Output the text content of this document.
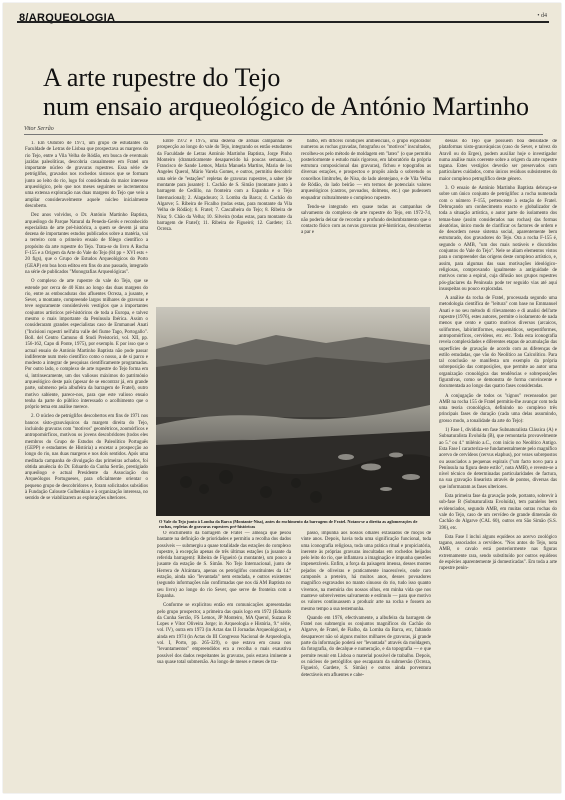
8/ARQUEOLOGIA	• d4
A arte rupestre do Tejo
num ensaio arqueológico de António Martinho
Vitor Serrão

1. Em Outubro de 1971, um grupo de estudantes da Faculdade de Letras de Lisboa que prospectava as margens do rio Tejo, entre a Vila Velha de Ródão, em busca de eventuais jazidas paleolíticas, descobria casualmente em Fratel um importante núcleo de gravuras rupestres. Essa série de petróglifos, gravados nos rochedos xistosos que se formam junto ao leito do rio, logo foi considerada do maior interesse arqueológico, pelo que nos meses seguintes se incrementou uma extensa exploração nas duas margens do Tejo que veio a ampliar consideravelmente aquele núcleo inicialmente descoberto.

Dez anos volvidos, o Dr. António Martinho Baptista, arqueólogo do Parque Natural da Penedo-Gerês e reconhecido especialista de arte pré-histórica, a quem se devem já uma dezena de importantes estudos publicados sobre a matéria, vai a terreiro com o primeiro ensaio de fôlego científico a propósito da arte rupestre do Tejo. Trata-se do livro A Rocha F-155 e a Origem da Arte do Vale do Tejo (84 pp + XVI ests + 20 figs), que o Grupo de Estudos Arqueológicos do Porto (GEAP) em boa hora editou em fins do ano passado, integrado na série de publicados "Monografias Arqueológicas".

O complexo de arte rupestre do vale do Tejo, que se estende por cerca de 40 Kms ao longo das duas margens do rio, entre as embocaduras dos afluentes Ocreza, a jusante, e Sever, a montante, compreende largos milhares de gravuras e teve seguramente consideráveis vestígios que a importantes conjuntos artísticos pré-históricos de toda a Europa, e talvez mesmo o mais importante da Península Ibérica. Assim o consideraram grandes especialistas caso de Emmanuel Anati ("Incisioni rupestri nell'alta valle del fiume Tago, Portogallo". Boll. del Centro Camuno di Studi Preistorici, vol. XII, pp. 156-162, Capo di Ponte, 1975), por exemplo. E por isso que o actual ensaio de António Martinho Baptista não pode passar indiferente num meio científico como o nosso, a de si parco e modesto a integrar de pesquisas científicamente programadas. Por outro lado, o complexo de arte rupestre do Tejo forma em si, intrinsecamente, um dos valiosos máximos do património arqueológico deste país (apesar de se encontrar já, em grande parte, submerso pela albufeira da barragem de Fratel), outro motivo sabiente, parece-nos, para que este valioso ensaio tenha da parte do público interessado o acolhimento que o próprio tema em análise merece.

2. O núcleo de petróglifos descobertos em fins de 1971 nos bancos sísto-grauváquicos da margem direita do Tejo, incluindo gravuras com "motivos" geométricos, zoomórficos e antropomórficos, motivou os jovens descobridores (todos eles membros do Grupo de Estudos do Paleolítico Português (GEPP) e estudantes de História) a encetar a prospecção ao longo do rio, nas duas margens e nos dois sentidos. Após uma meditada campanha de divulgação das primeiras achados, foi obtida anuência do Dr. Eduardo da Cunha Serrão, prestigiado arqueólogo e actual Presidente da Associação dos Arqueólogos Portugueses, para oficialmente orientar o pequeno grupo de descobridores e, foram solicitados subsídios à Fundação Calouste Gulbenkian e à organização interessa, no sentido de se viabilizarem as explorações ulteriores.

Entre 1972 e 1975, uma dezena de árduas campanhas de prospecção ao longo do vale do Tejo, integrando os então estudantes da Faculdade de Letras António Martinho Baptista, Jorge Pinho Monteiro (dramaticamente desaparecido há poucas semanas...), Francisco de Sande Lemos, Maria Manuela Martins, Maria de los Angeles Querol, Mário Varela Gomes, e outros, permitiu descobrir uma série de "estações" repletas de gravuras rupestres, a saber (de montante para jusante): 1. Cachão de S. Simão (montante junto à barragem de Cedillo, na fronteira com a Espanha e o Tejo Internacional); 2. Alagadouro; 3. Lomba da Barca; 4. Cachão do Algarve; 5. Ribeira de Ficalho (todas estas, para montante da Vila Velha de Ródão); 6. Fratel; 7. Cascalheira do Tejo; 8. Ribeira de Nisa; 9. Chão da Velha; 10. Silveira (todas estas, para montante da barragem de Fratel); 11. Ribeira de Figueiró; 12. Gardete; 13. Ocreza.

balho, em difíceis condições ambienciais, o grupo explorador numerou as rochas gravadas, fotografou os "motivos" inscultados, recolheu-os pelo método de moldagem em "latex" (o que permitiu posteriormente o estudo mais rigoroso, em laboratório da própria estrutura composicional das gravuras), fichou e topografou as diversas estações, e prospectou e propôs ainda o sobretudo os concelhos limítrofes, de Nisa, do lado alentejano, e de Vila Velha de Ródão, do lado beirão — em termos de potenciais valores arqueológicos (castros, povoados, dolmens, etc.) que pudessem enquadrar culturalmente o complexo rupestre.

Tendo-se integrado em quase todas as campanhas de salvamento do complexo de arte rupestre do Tejo, em 1972-74, não poderia deixar de recordar o profundo deslumbramento que o contacto físico com as novas gravuras pré-históricas, descobertas a par e

dessas do Tejo que possuem boa densidade de plataformas xisto-grauváquicas (caso do Sever, e talvez do Aravil ou do Erges), podem auxiliar hoje o investigador numa análise mais coerente sobre a origem da arte rupestre tagana. Estes vestígios deverão ser preservados com particulares cuidados, como únicos resíduos subsistentes do maior complexo petroglífico deste género.

3. O ensaio de António Martinho Baptista debruça-se sobre um único conjunto de petróglifos: a rocha numerada com o número F-155, pertencente à estação de Fratel. Debruçando um conhecimento exacto e globalizador de toda a situação artística, o autor parte do isolamento dos temas-base (assim considerados nas rochas) das formas aleatórias, único modo de clarificar os factores de ordem e de desordem nesse sistema social, aparentemente bem estruturado, dos gravadores do Tejo. Ora a rocha F-155 é, segundo o AMB, "um dos mais notáveis e discutidos conjuntos do Vale do Tejo". Nele se aliam elementos vistos para o compreender das origens deste complexo artístico, e, assim, para algumas das suas motivações ideológico-religiosas, comprovando igualmente a antiguidade de motivos como a espiral, cuja difusão nos grupos rupestres pós-glaciares da Península pode ter seguido vias até aqui insuspeitas ou pouco exploradas.

A análise da rocha de Fratel, processada segundo uma metodologia científica de "leitura" com base no Emmanuel Anati e no seu método di rilevamento e di analisi dell'arte rupestre (1976), estes autores, permite o isolamento de nada menos que cento e quatro motivos diversos (arcaicos, soliformes, labirintiformes, esquemáticos, serpentiformes, antropomórficos, cervídeos, etc. etc. Toda esta iconografia revela complexidades e diferentes etapas de acumulação das superfícies de gravação de acordo com as diferenças de estilo estudadas, que vão do Neolítico ao Calcolítico. Para tal conclusão se manifesta um exemplo da própria sobreposição das composições, que permite ao autor uma organização cronológica das tendências e sobreposições figurativas, como se demonstra de forma convincente e documentada ao longo das quatro fases consideradas.

A conjugação de todos os "signos" recenseados por AMB na rocha 155 de Fratel permitiu-lhe avançar com toda uma teoria cronológica, definindo no complexo três principais fases de duração (cada uma delas assumindo, grosso modo, a tonalidade da arte do Tejo):

1) Fase I, dividida em fase Subnaturalista Clássica (A) e Subnaturalista Evoluída (B), que remontaria provavelmente ao 5.º ou 4.º milénio a.C., com início no Neolítico Antigo. Esta Fase I caracteriza-se fundamentalmente pelo magnífico acervo de cervídeos (cervus elaphus), por vezes sobrepostos ou associados a pequenas espirais ("um facto novo para a Península na figura deste estilo", nota AMB), e reveste-se a nível técnico de determinadas particularidades de factura, na sua gravação linearista através de pontos, diversas das que informaram as fases ulteriores.

Esta primeira fase da gravação pode, portanto, sobrevir à sub-fase B (Subnaturalista Evoluída), tem paralelos bem evidenciados, segundo AMB, em muitas outras rochas do vale do Tejo, caso de um cervídeo de grande dimensão do Cachão do Algarve (CAL 60), outros em São Simão (S.S. 396), etc.

Esta Fase I inclui alguns equídeos ao acervo zoológico tagano, associados a cervídeos. "Nos antos do Tejo, nota AMB, o cavalo está posteriormente nas figuras extremamente rara, sendo substituído por outros equídeos de espécies aparentemente já domesticadas". Em toda a arte rupestre penin-

O Vale do Tejo junto à Lomba da Barca (Montante-Nisa), antes do enchimento da barragem de Fratel. Notam-se a direita as aglomerações de rochas, repletas de gravuras rupestres pré-históricas

O enchimento da barragem de Fratel — ameaça que pesou bastante na definição de prioridades e permitiu a recolha dos dados possíveis — submergiu a quase totalidade das estações do complexo rupestre, à excepção apenas de três últimas estações (a jusante da referida barragem): Ribeira de Figueiró (a montante), um pouco a jusante da estação de S. Simão. No Tejo Internacional, junto de Herrera de Alcántara, apenas os petróglifos constituintes da 14.ª estação, ainda não "levantada" nem estudada, e outros existentes (segundo informações não confirmadas que nos dá AM Baptista no seu livro) ao longo do rio Sever, que serve de fronteira com a Espanha.

Conforme se explicitou então em comunicações apresentadas pelo grupo prospector, a primeira das quais logo em 1972 (Eduardo da Cunha Serrão, FS Lemos, JP Monteiro, MA Querol, Suzana R Lopes e Vítor Oliveira Jorge; in Arqueologia e História, 9.ª série, vol. IV), outra em 1973 (in Actas das II Jornadas Arqueológicas), e ainda em 1974 (in Actas do III Congresso Nacional de Arqueologia, vol. I, Porto, pp. 265-329), o que estava em causa nos "levantamentos" empreendidos era a recolha o mais exaustiva possível dos dados respeitantes às gravuras, pois estava iminente a sua quase total submersão. Ao longo de meses e meses de tra-

passo, impunha aos nossos olhares extasiados de moços de vinte anos. Depois, havia toda uma significação funcional, toda uma iconografia religiosa, toda uma prática ritual e propiciatória, inerente às próprias gravuras inscultadas em rochedos beijados pelo leito do rio, que inflamava a imaginação e impunha questões impenetráveis. Enfim, a força da paisagem imensa, desses montes pejados de oliveiras e praticamente inacessíveis, onde raro camponês a preteiro, há muitos anos, desses povoadores magnífico esgravados no manto sinuoso do rio, tudo isso quanto vivemos, na memória dos nossos olhos, em minha vida que nos manteve sobreviventes salvamento e estímulo — para que motivo os valores continuassem a produzir arte na rocha e fossem ao mesmo tempo a sua testemunha.

Quando em 1976, efectivamente, a albufeira da barragem de Fratel nos submergiu os conjuntos magníficos do Cachão do Algarve, de Fratel, de Fialho, da Lomba da Barca, etc, faltando desaparecer não só alguns muitos milhares de gravuras, já grande parte da informação poderá ser "levantada" através da moldagem, da fotografia, do decalque e numeração, e da topografia — e que permite reunir em Lisboa o material possível de trabalho. Depois, os núcleos de petróglifos que escaparam da submersão (Ocreza, Figueiró, Gardete, S. Simão) e outros ainda porventura detectáveis em afluentes e cabe-
